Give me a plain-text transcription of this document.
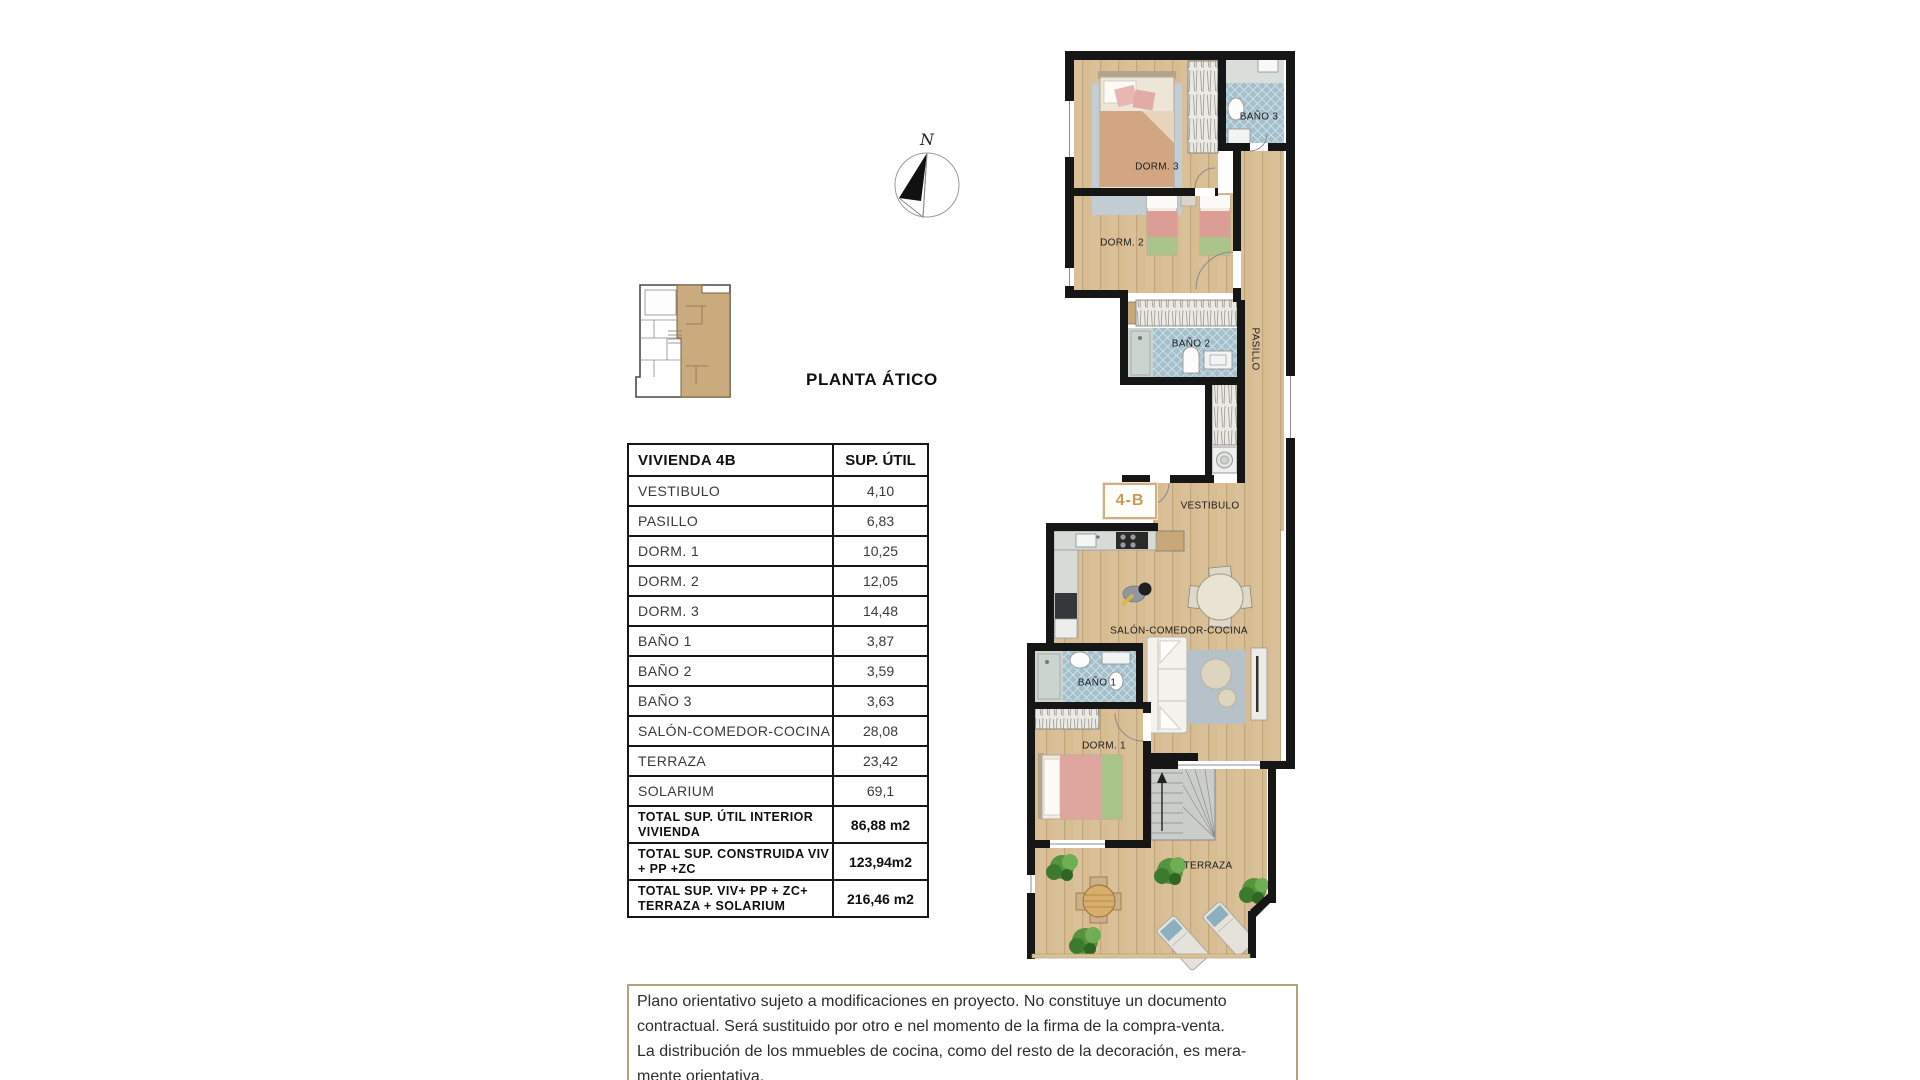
N
PLANTA ÁTICO
VIVIENDA 4B	SUP. ÚTIL
VESTIBULO	4,10
PASILLO	6,83
DORM. 1	10,25
DORM. 2	12,05
DORM. 3	14,48
BAÑO 1	3,87
BAÑO 2	3,59
BAÑO 3	3,63
SALÓN-COMEDOR-COCINA	28,08
TERRAZA	23,42
SOLARIUM	69,1
TOTAL SUP. ÚTIL INTERIOR VIVIENDA	86,88 m2
TOTAL SUP. CONSTRUIDA VIV + PP +ZC	123,94m2
TOTAL SUP. VIV+ PP + ZC+ TERRAZA + SOLARIUM	216,46 m2
DORM. 3
BAÑO 3
DORM. 2
BAÑO 2	PASILLO
VESTIBULO
SALÓN-COMEDOR-COCINA
BAÑO 1
DORM. 1
TERRAZA
4-B
Plano orientativo sujeto a modificaciones en proyecto. No constituye un documento
contractual. Será sustituido por otro e nel momento de la firma de la compra-venta.
La distribución de los mmuebles de cocina, como del resto de la decoración, es mera-
mente orientativa.
